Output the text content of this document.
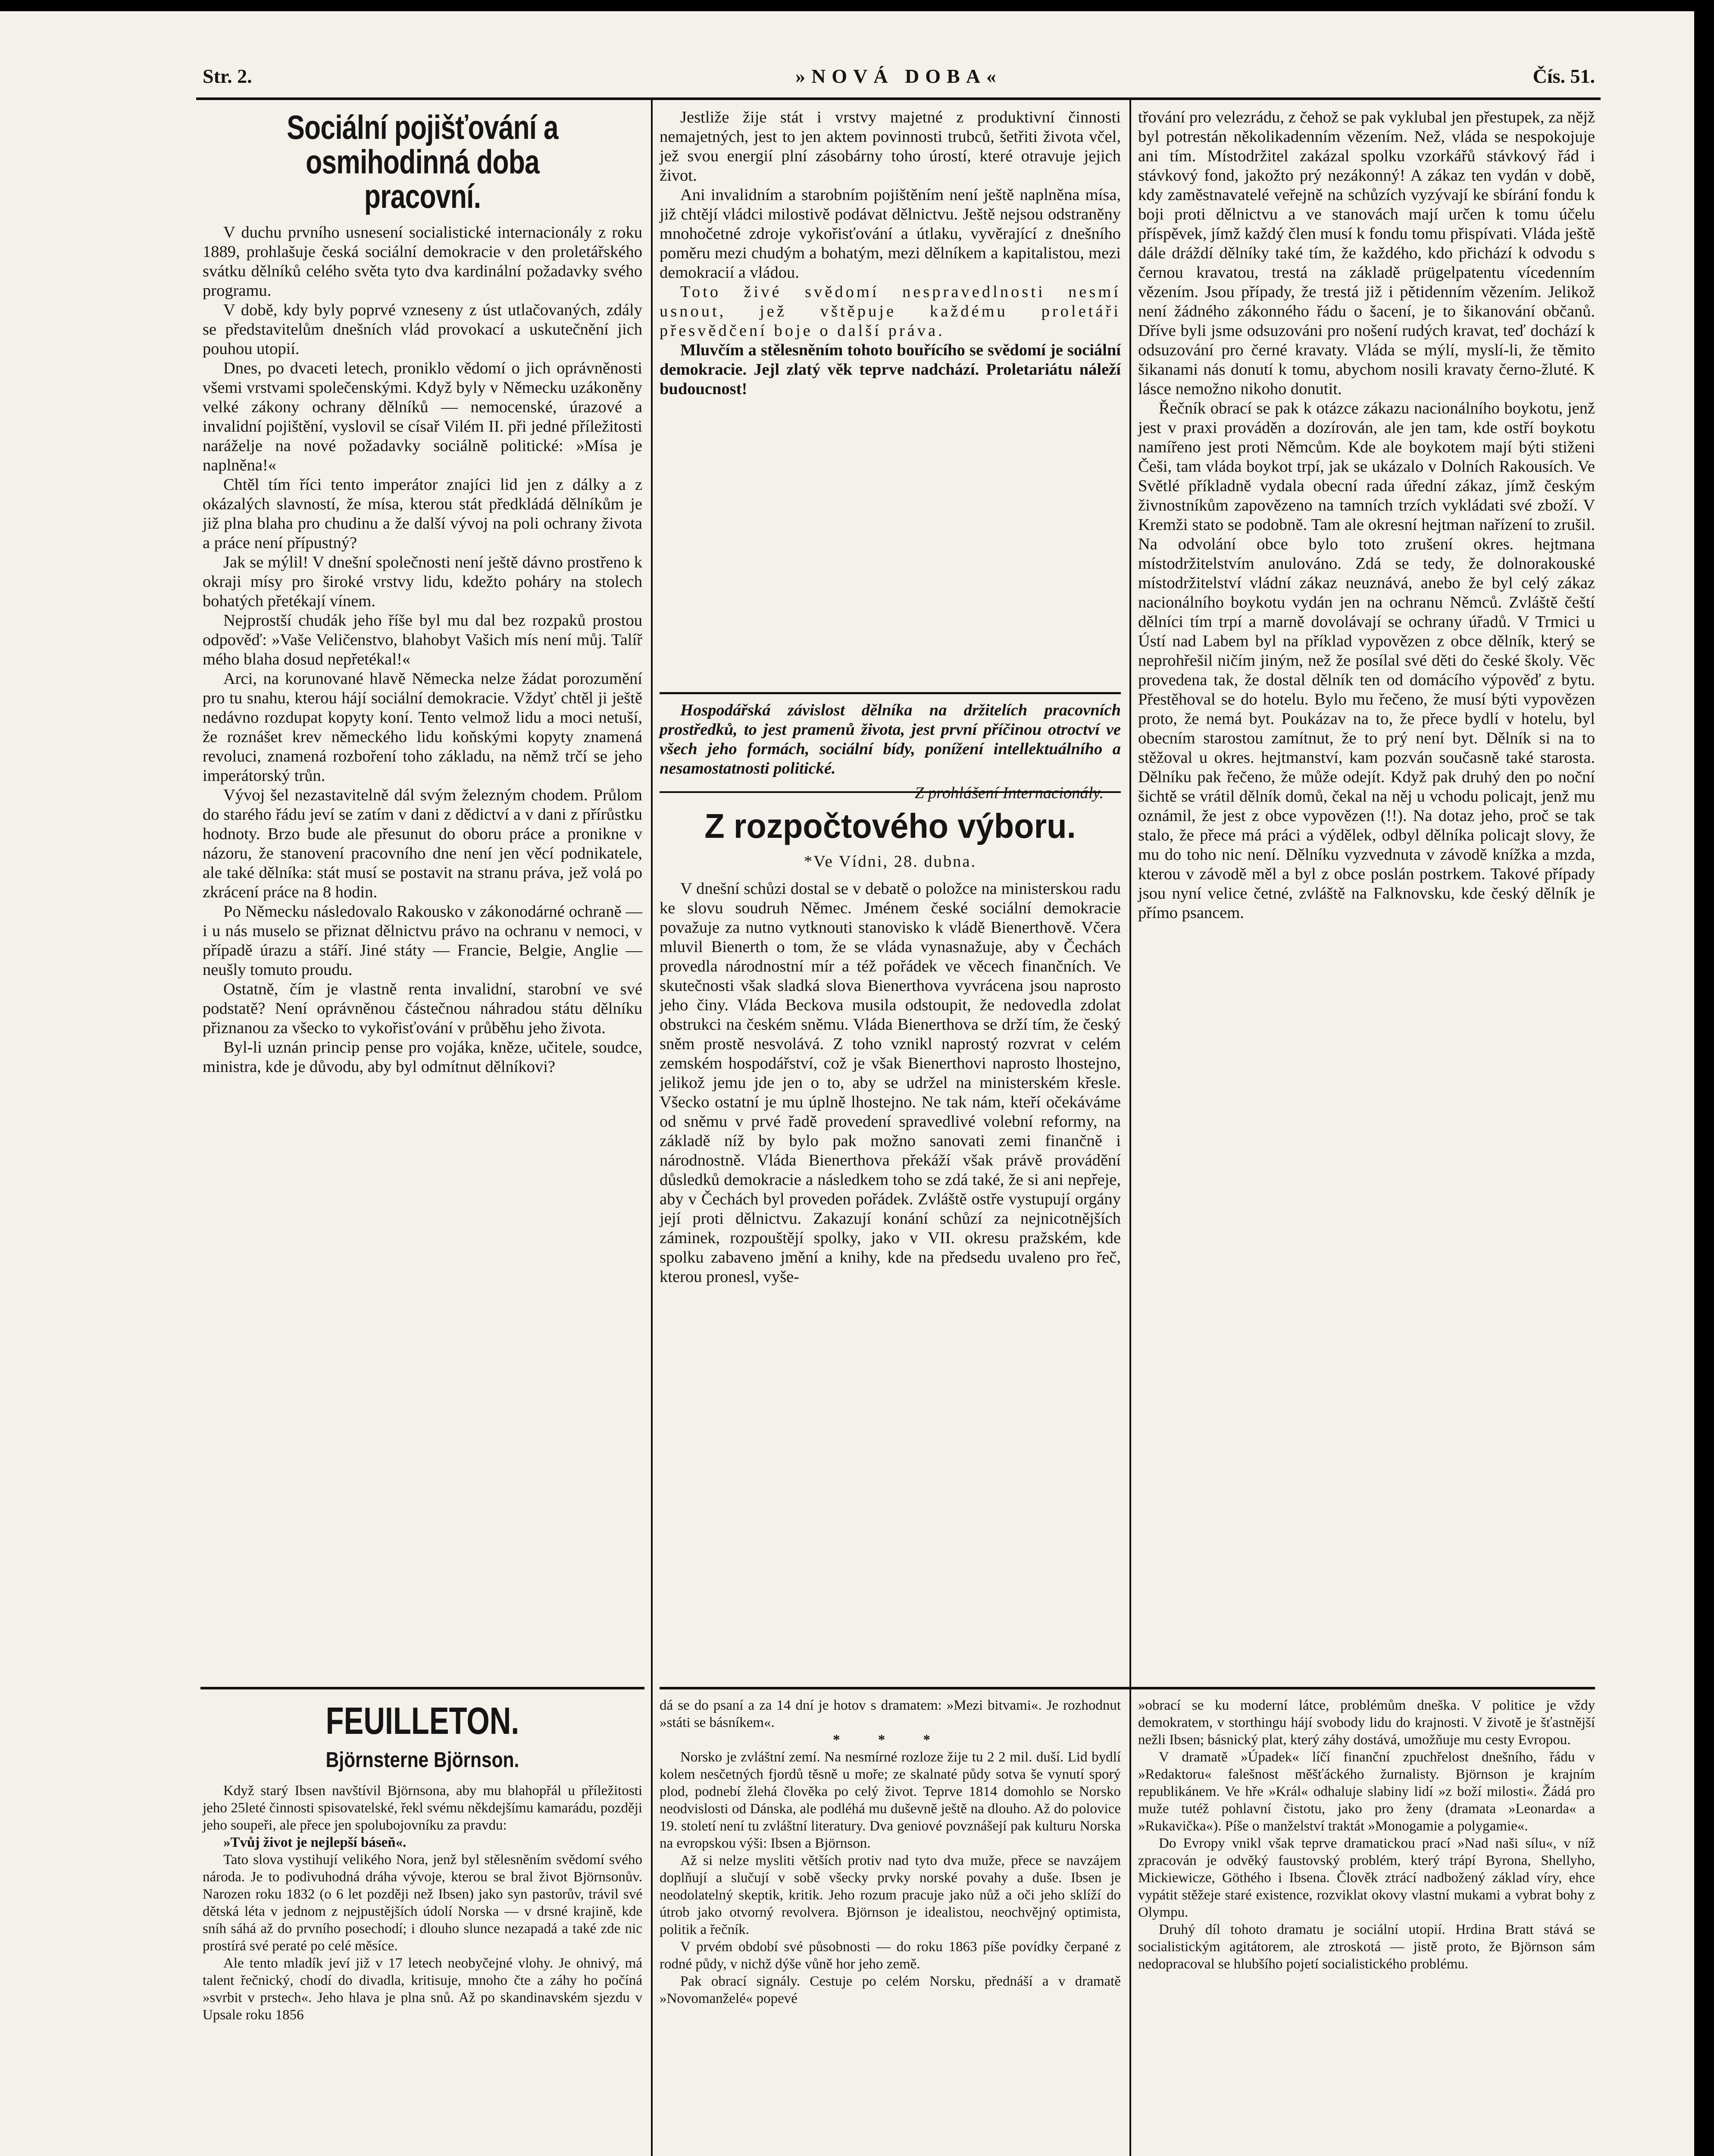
Str. 2.	»NOVÁ DOBA«	Čís. 51.
Sociální pojišťování a osmihodinná doba pracovní.

V duchu prvního usnesení socialistické internacionály z roku 1889, prohlašuje česká sociální demokracie v den proletářského svátku dělníků celého světa tyto dva kardinální požadavky svého programu.

V době, kdy byly poprvé vzneseny z úst utlačovaných, zdály se představitelům dnešních vlád provokací a uskutečnění jich pouhou utopií.

Dnes, po dvaceti letech, proniklo vědomí o jich oprávněnosti všemi vrstvami společenskými. Když byly v Německu uzákoněny velké zákony ochrany dělníků — nemocenské, úrazové a invalidní pojištění, vyslovil se císař Vilém II. při jedné příležitosti naráželje na nové požadavky sociálně politické: »Mísa je naplněna!«

Chtěl tím říci tento imperátor znajíci lid jen z dálky a z okázalých slavností, že mísa, kterou stát předkládá dělníkům je již plna blaha pro chudinu a že další vývoj na poli ochrany života a práce není přípustný?

Jak se mýlil! V dnešní společnosti není ještě dávno prostřeno k okraji mísy pro široké vrstvy lidu, kdežto poháry na stolech bohatých přetékají vínem.

Nejprostší chudák jeho říše byl mu dal bez rozpaků prostou odpověď: »Vaše Veličenstvo, blahobyt Vašich mís není můj. Talíř mého blaha dosud nepřetékal!«

Arci, na korunované hlavě Německa nelze žádat porozumění pro tu snahu, kterou hájí sociální demokracie. Vždyť chtěl ji ještě nedávno rozdupat kopyty koní. Tento velmož lidu a moci netuší, že roznášet krev německého lidu koňskými kopyty znamená revoluci, znamená rozboření toho základu, na němž trčí se jeho imperátorský trůn.

Vývoj šel nezastavitelně dál svým železným chodem. Průlom do starého řádu jeví se zatím v dani z dědictví a v dani z přírůstku hodnoty. Brzo bude ale přesunut do oboru práce a pronikne v názoru, že stanovení pracovního dne není jen věcí podnikatele, ale také dělníka: stát musí se postavit na stranu práva, jež volá po zkrácení práce na 8 hodin.

Po Německu následovalo Rakousko v zákonodárné ochraně — i u nás muselo se přiznat dělnictvu právo na ochranu v nemoci, v případě úrazu a stáří. Jiné státy — Francie, Belgie, Anglie — neušly tomuto proudu.

Ostatně, čím je vlastně renta invalidní, starobní ve své podstatě? Není oprávněnou částečnou náhradou státu dělníku přiznanou za všecko to vykořisťování v průběhu jeho života.

Byl-li uznán princip pense pro vojáka, kněze, učitele, soudce, ministra, kde je důvodu, aby byl odmítnut dělníkovi?

Jestliže žije stát i vrstvy majetné z produktivní činnosti nemajetných, jest to jen aktem povinnosti trubců, šetřiti života včel, jež svou energií plní zásobárny toho úrostí, které otravuje jejich život.

Ani invalidním a starobním pojištěním není ještě naplněna mísa, již chtějí vládci milostivě podávat dělnictvu. Ještě nejsou odstraněny mnohočetné zdroje vykořisťování a útlaku, vyvěrající z dnešního poměru mezi chudým a bohatým, mezi dělníkem a kapitalistou, mezi demokracií a vládou.

Toto živé svědomí nespravedlnosti nesmí usnout, jež vštěpuje každému proletáři přesvědčení boje o další práva.

Mluvčím a stělesněním tohoto bouřícího se svědomí je sociální demokracie. Jejl zlatý věk teprve nadchází. Proletariátu náleží budoucnost!

Hospodářská závislost dělníka na držitelích pracovních prostředků, to jest pramenů života, jest první příčinou otroctví ve všech jeho formách, sociální bídy, ponížení intellektuálního a nesamostatnosti politické.

Z prohlášení Internacionály.
Z rozpočtového výboru.
*Ve Vídni, 28. dubna.

V dnešní schůzi dostal se v debatě o položce na ministerskou radu ke slovu soudruh Němec. Jménem české sociální demokracie považuje za nutno vytknouti stanovisko k vládě Bienerthově. Včera mluvil Bienerth o tom, že se vláda vynasnažuje, aby v Čechách provedla národnostní mír a též pořádek ve věcech finančních. Ve skutečnosti však sladká slova Bienerthova vyvrácena jsou naprosto jeho činy. Vláda Beckova musila odstoupit, že nedovedla zdolat obstrukci na českém sněmu. Vláda Bienerthova se drží tím, že český sněm prostě nesvolává. Z toho vznikl naprostý rozvrat v celém zemském hospodářství, což je však Bienerthovi naprosto lhostejno, jelikož jemu jde jen o to, aby se udržel na ministerském křesle. Všecko ostatní je mu úplně lhostejno. Ne tak nám, kteří očekáváme od sněmu v prvé řadě provedení spravedlivé volební reformy, na základě níž by bylo pak možno sanovati zemi finančně i národnostně. Vláda Bienerthova překáží však právě provádění důsledků demokracie a následkem toho se zdá také, že si ani nepřeje, aby v Čechách byl proveden pořádek. Zvláště ostře vystupují orgány její proti dělnictvu. Zakazují konání schůzí za nejnicotnějších záminek, rozpouštějí spolky, jako v VII. okresu pražském, kde spolku zabaveno jmění a knihy, kde na předsedu uvaleno pro řeč, kterou pronesl, vyše-

třování pro velezrádu, z čehož se pak vyklubal jen přestupek, za nějž byl potrestán několikadenním vězením. Než, vláda se nespokojuje ani tím. Místodržitel zakázal spolku vzorkářů stávkový řád i stávkový fond, jakožto prý nezákonný! A zákaz ten vydán v době, kdy zaměstnavatelé veřejně na schůzích vyzývají ke sbírání fondu k boji proti dělnictvu a ve stanovách mají určen k tomu účelu příspěvek, jímž každý člen musí k fondu tomu přispívati. Vláda ještě dále dráždí dělníky také tím, že každého, kdo přichází k odvodu s černou kravatou, trestá na základě prügelpatentu vícedenním vězením. Jsou případy, že trestá již i pětidenním vězením. Jelikož není žádného zákonného řádu o šacení, je to šikanování občanů. Dříve byli jsme odsuzováni pro nošení rudých kravat, teď dochází k odsuzování pro černé kravaty. Vláda se mýlí, myslí-li, že těmito šikanami nás donutí k tomu, abychom nosili kravaty černo-žluté. K lásce nemožno nikoho donutit.

Řečník obrací se pak k otázce zákazu nacionálního boykotu, jenž jest v praxi prováděn a dozírován, ale jen tam, kde ostří boykotu namířeno jest proti Němcům. Kde ale boykotem mají býti stiženi Češi, tam vláda boykot trpí, jak se ukázalo v Dolních Rakousích. Ve Světlé příkladně vydala obecní rada úřední zákaz, jímž českým živnostníkům zapovězeno na tamních trzích vykládati své zboží. V Kremži stato se podobně. Tam ale okresní hejtman nařízení to zrušil. Na odvolání obce bylo toto zrušení okres. hejtmana místodržitelstvím anulováno. Zdá se tedy, že dolnorakouské místodržitelství vládní zákaz neuznává, anebo že byl celý zákaz nacionálního boykotu vydán jen na ochranu Němců. Zvláště čeští dělníci tím trpí a marně dovolávají se ochrany úřadů. V Trmici u Ústí nad Labem byl na příklad vypovězen z obce dělník, který se neprohřešil ničím jiným, než že posílal své děti do české školy. Věc provedena tak, že dostal dělník ten od domácího výpověď z bytu. Přestěhoval se do hotelu. Bylo mu řečeno, že musí býti vypovězen proto, že nemá byt. Poukázav na to, že přece bydlí v hotelu, byl obecním starostou zamítnut, že to prý není byt. Dělník si na to stěžoval u okres. hejtmanství, kam pozván současně také starosta. Dělníku pak řečeno, že může odejít. Když pak druhý den po noční šichtě se vrátil dělník domů, čekal na něj u vchodu policajt, jenž mu oznámil, že jest z obce vypovězen (!!). Na dotaz jeho, proč se tak stalo, že přece má práci a výdělek, odbyl dělníka policajt slovy, že mu do toho nic není. Dělníku vyzvednuta v závodě knížka a mzda, kterou v závodě měl a byl z obce poslán postrkem. Takové případy jsou nyní velice četné, zvláště na Falknovsku, kde český dělník je přímo psancem.

FEUILLETON.
Björnsterne Björnson.

Když starý Ibsen navštívil Björnsona, aby mu blahopřál u příležitosti jeho 25leté činnosti spisovatelské, řekl svému někdejšímu kamarádu, později jeho soupeři, ale přece jen spolubojovníku za pravdu:

»Tvůj život je nejlepší báseň«.

Tato slova vystihují velikého Nora, jenž byl stělesněním svědomí svého národa. Je to podivuhodná dráha vývoje, kterou se bral život Björnsonův. Narozen roku 1832 (o 6 let později než Ibsen) jako syn pastorův, trávil své dětská léta v jednom z nejpustějších údolí Norska — v drsné krajině, kde sníh sáhá až do prvního posechodí; i dlouho slunce nezapadá a také zde nic prostírá své peraté po celé měsíce.

Ale tento mladík jeví již v 17 letech neobyčejné vlohy. Je ohnivý, má talent řečnický, chodí do divadla, kritisuje, mnoho čte a záhy ho počíná »svrbit v prstech«. Jeho hlava je plna snů. Až po skandinavském sjezdu v Upsale roku 1856

dá se do psaní a za 14 dní je hotov s dramatem: »Mezi bitvami«. Je rozhodnut »státi se básníkem«.

* * *

Norsko je zvláštní zemí. Na nesmírné rozloze žije tu 2 2 mil. duší. Lid bydlí kolem nesčetných fjordů těsně u moře; ze skalnaté půdy sotva še vynutí sporý plod, podnebí žlehá člověka po celý život. Teprve 1814 domohlo se Norsko neodvislosti od Dánska, ale podléhá mu duševně ještě na dlouho. Až do polovice 19. století není tu zvláštní literatury. Dva geniové povznášejí pak kulturu Norska na evropskou výši: Ibsen a Björnson.

Až si nelze mysliti větších protiv nad tyto dva muže, přece se navzájem doplňují a slučují v sobě všecky prvky norské povahy a duše. Ibsen je neodolatelný skeptik, kritik. Jeho rozum pracuje jako nůž a oči jeho sklíží do útrob jako otvorný revolvera. Björnson je idealistou, neochvějný optimista, politik a řečník.

V prvém období své působnosti — do roku 1863 píše povídky čerpané z rodné půdy, v nichž dýše vůně hor jeho země.

Pak obrací signály. Cestuje po celém Norsku, přednáší a v dramatě »Novomanželé« popevé

»obrací se ku moderní látce, problémům dneška. V politice je vždy demokratem, v storthingu hájí svobody lidu do krajnosti. V životě je šťastnější nežli Ibsen; básnický plat, který záhy dostává, umožňuje mu cesty Evropou.

V dramatě »Úpadek« líčí finanční zpuchřelost dnešního, řádu v »Redaktoru« falešnost měšťáckého žurnalisty. Björnson je krajním republikánem. Ve hře »Král« odhaluje slabiny lidí »z boží milosti«. Žádá pro muže tutéž pohlavní čistotu, jako pro ženy (dramata »Leonarda« a »Rukavička«). Píše o manželství traktát »Monogamie a polygamie«.

Do Evropy vnikl však teprve dramatickou prací »Nad naši sílu«, v níž zpracován je odvěký faustovský problém, který trápí Byrona, Shellyho, Mickiewicze, Göthého i Ibsena. Člověk ztrácí nadbožený základ víry, ehce vypátit stěžeje staré existence, rozviklat okovy vlastní mukami a vybrat bohy z Olympu.

Druhý díl tohoto dramatu je sociální utopií. Hrdina Bratt stává se socialistickým agitátorem, ale ztroskotá — jistě proto, že Björnson sám nedopracoval se hlubšího pojetí socialistického problému.
